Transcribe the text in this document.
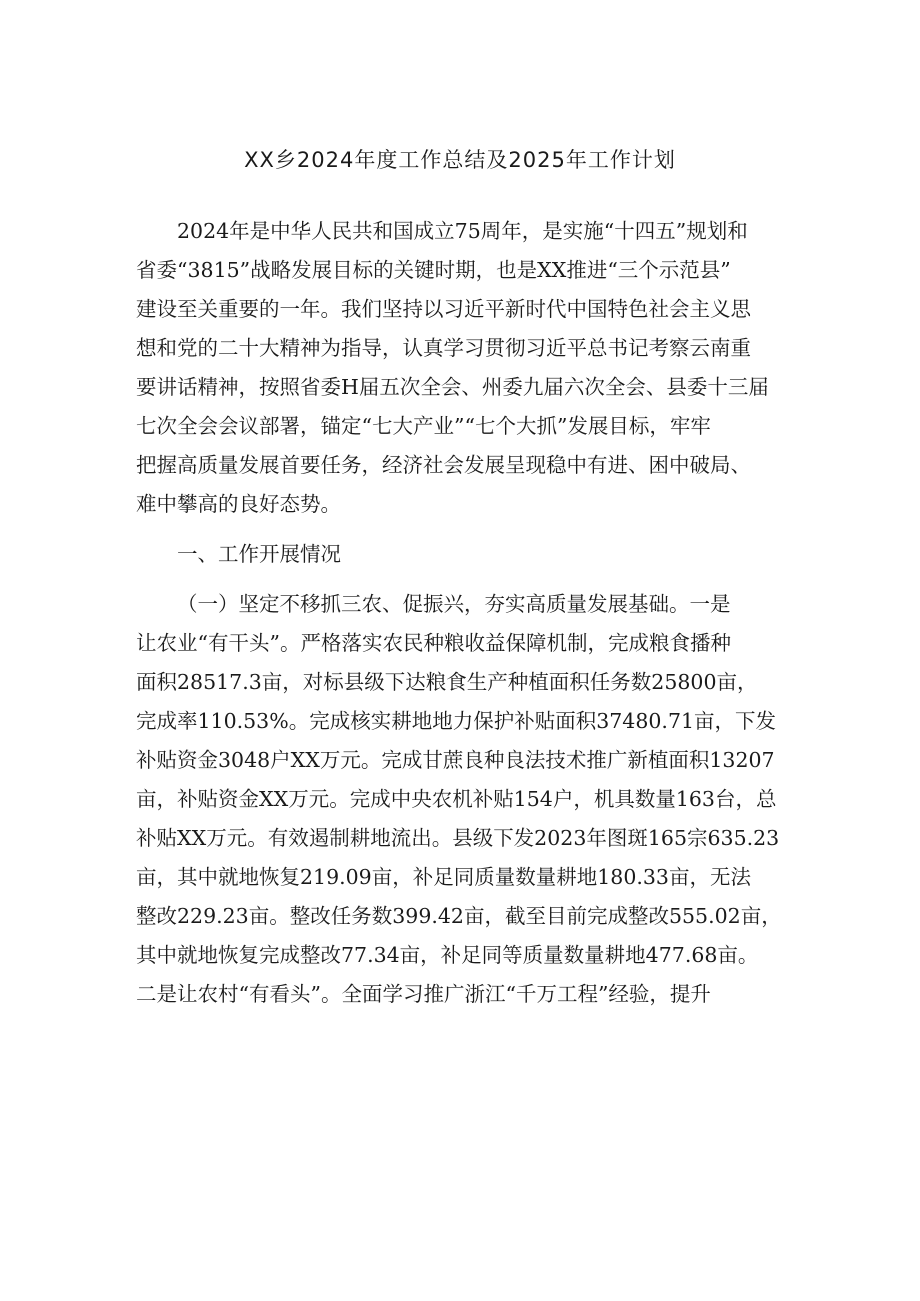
XX乡2024年度工作总结及2025年工作计划
2024年是中华人民共和国成立75周年，是实施“十四五”规划和
省委“3815”战略发展目标的关键时期，也是XX推进“三个示范县”
建设至关重要的一年。我们坚持以习近平新时代中国特色社会主义思
想和党的二十大精神为指导，认真学习贯彻习近平总书记考察云南重
要讲话精神，按照省委H届五次全会、州委九届六次全会、县委十三届
七次全会会议部署，锚定“七大产业”“七个大抓”发展目标，牢牢
把握高质量发展首要任务，经济社会发展呈现稳中有进、困中破局、
难中攀高的良好态势。
一、工作开展情况
（一）坚定不移抓三农、促振兴，夯实高质量发展基础。一是
让农业“有干头”。严格落实农民种粮收益保障机制，完成粮食播种
面积28517.3亩，对标县级下达粮食生产种植面积任务数25800亩，
完成率110.53%。完成核实耕地地力保护补贴面积37480.71亩，下发
补贴资金3048户XX万元。完成甘蔗良种良法技术推广新植面积13207
亩，补贴资金XX万元。完成中央农机补贴154户，机具数量163台，总
补贴XX万元。有效遏制耕地流出。县级下发2023年图斑165宗635.23
亩，其中就地恢复219.09亩，补足同质量数量耕地180.33亩，无法
整改229.23亩。整改任务数399.42亩，截至目前完成整改555.02亩，
其中就地恢复完成整改77.34亩，补足同等质量数量耕地477.68亩。
二是让农村“有看头”。全面学习推广浙江“千万工程”经验，提升
